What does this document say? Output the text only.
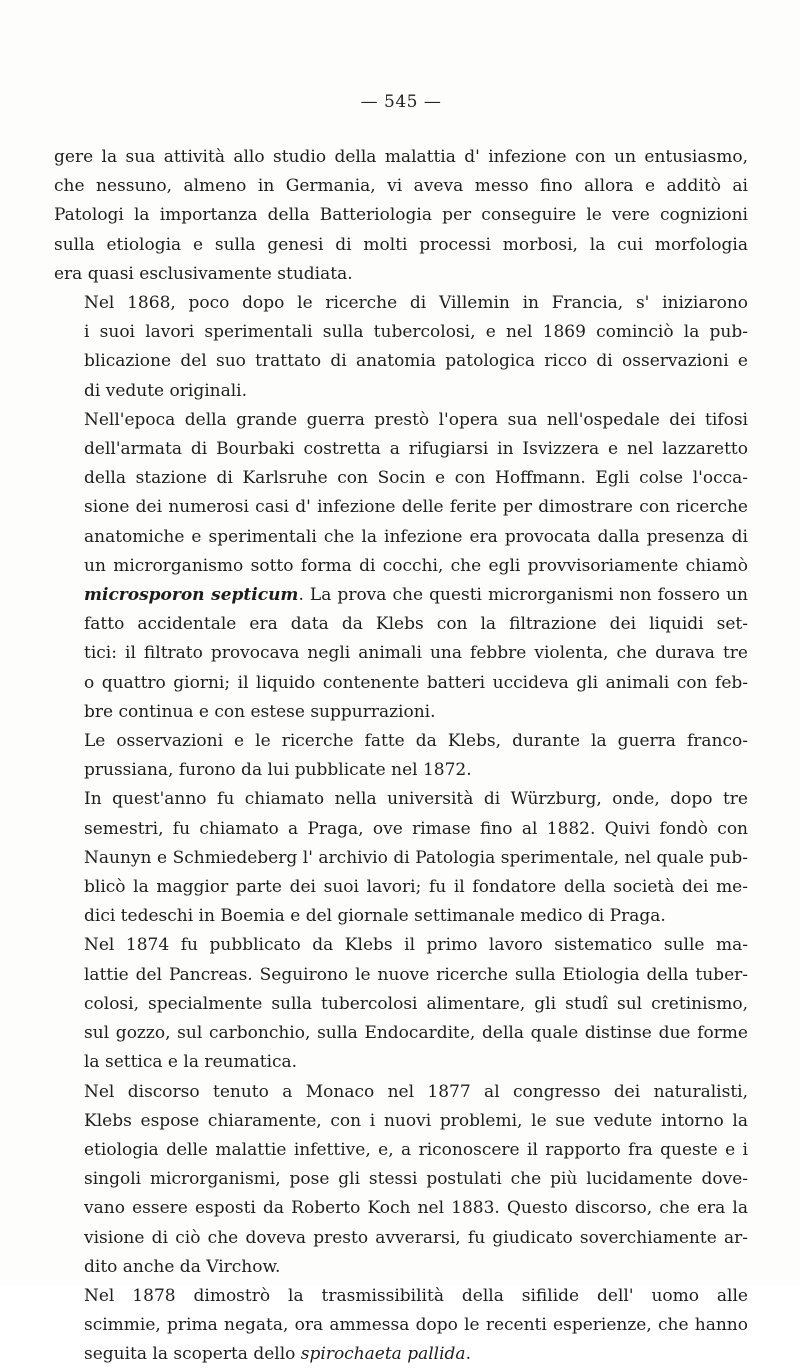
— 545 —

gere la sua attività allo studio della malattia d' infezione con un entusiasmo,
che nessuno, almeno in Germania, vi aveva messo fino allora e additò ai
Patologi la importanza della Batteriologia per conseguire le vere cognizioni
sulla etiologia e sulla genesi di molti processi morbosi, la cui morfologia
era quasi esclusivamente studiata.

Nel 1868, poco dopo le ricerche di Villemin in Francia, s' iniziarono
i suoi lavori sperimentali sulla tubercolosi, e nel 1869 cominciò la pub-
blicazione del suo trattato di anatomia patologica ricco di osservazioni e
di vedute originali.

Nell'epoca della grande guerra prestò l'opera sua nell'ospedale dei tifosi
dell'armata di Bourbaki costretta a rifugiarsi in Isvizzera e nel lazzaretto
della stazione di Karlsruhe con Socin e con Hoffmann. Egli colse l'occa-
sione dei numerosi casi d' infezione delle ferite per dimostrare con ricerche
anatomiche e sperimentali che la infezione era provocata dalla presenza di
un microrganismo sotto forma di cocchi, che egli provvisoriamente chiamò
microsporon septicum. La prova che questi microrganismi non fossero un
fatto accidentale era data da Klebs con la filtrazione dei liquidi set-
tici: il filtrato provocava negli animali una febbre violenta, che durava tre
o quattro giorni; il liquido contenente batteri uccideva gli animali con feb-
bre continua e con estese suppurrazioni.

Le osservazioni e le ricerche fatte da Klebs, durante la guerra franco-
prussiana, furono da lui pubblicate nel 1872.

In quest'anno fu chiamato nella università di Würzburg, onde, dopo tre
semestri, fu chiamato a Praga, ove rimase fino al 1882. Quivi fondò con
Naunyn e Schmiedeberg l' archivio di Patologia sperimentale, nel quale pub-
blicò la maggior parte dei suoi lavori; fu il fondatore della società dei me-
dici tedeschi in Boemia e del giornale settimanale medico di Praga.

Nel 1874 fu pubblicato da Klebs il primo lavoro sistematico sulle ma-
lattie del Pancreas. Seguirono le nuove ricerche sulla Etiologia della tuber-
colosi, specialmente sulla tubercolosi alimentare, gli studî sul cretinismo,
sul gozzo, sul carbonchio, sulla Endocardite, della quale distinse due forme
la settica e la reumatica.

Nel discorso tenuto a Monaco nel 1877 al congresso dei naturalisti,
Klebs espose chiaramente, con i nuovi problemi, le sue vedute intorno la
etiologia delle malattie infettive, e, a riconoscere il rapporto fra queste e i
singoli microrganismi, pose gli stessi postulati che più lucidamente dove-
vano essere esposti da Roberto Koch nel 1883. Questo discorso, che era la
visione di ciò che doveva presto avverarsi, fu giudicato soverchiamente ar-
dito anche da Virchow.

Nel 1878 dimostrò la trasmissibilità della sifilide dell' uomo alle
scimmie, prima negata, ora ammessa dopo le recenti esperienze, che hanno
seguita la scoperta dello spirochaeta pallida.
